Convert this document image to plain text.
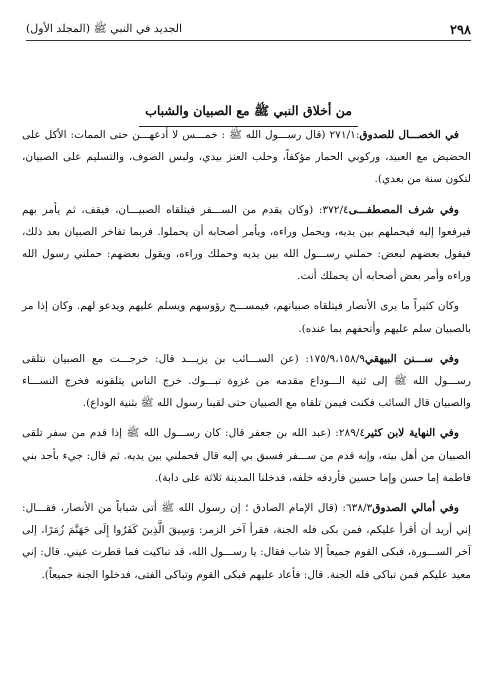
٢٩٨
الجديد في النبي ﷺ (المجلد الأول)
من أخلاق النبي ﷺ مع الصبيان والشباب

في الخصـــال للصدوق:٢٧١/١ (قال رســـول الله ﷺ : خمـــس لا أدعهـــن حتى الممات: الأكل على الحضيض مع العبيد، وركوبي الحمار مؤكفاً، وحلب العنز بيدي، ولبس الصوف، والتسليم على الصبيان، لتكون سنة من بعدي).

وفي شرف المصطفـــى٣٧٢/٤: (وكان يقدم من الســـفر فيتلقاه الصبيـــان، فيقف، ثم يأمر بهم فيرفعوا إليه فيحملهم بين يديه، ويحمل وراءه، ويأمر أصحابه أن يحملوا. فربما تفاخر الصبيان بعد ذلك، فيقول بعضهم لبعض: حملني رســـول الله بين يديه وحملك وراءه، ويقول بعضهم: حملني رسول الله وراءه وأمر بعض أصحابه أن يحملك أنت.

وكان كثيراً ما يرى الأنصار فيتلقاه صبيانهم، فيمســـح رؤوسهم ويسلم عليهم ويدعو لهم. وكان إذا مر بالصبيان سلم عليهم وأتحفهم بما عنده).

وفي ســـنن البيهقي١٧٥/٩،١٥٨/٩: (عن الســـائب بن يزيـــد قال: خرجـــت مع الصبيان نتلقى رســـول الله ﷺ إلى ثنية الـــوداع مقدمه من غزوة تبـــوك. خرج الناس يتلقونه فخرج النســـاء والصبيان قال السائب فكنت فيمن تلقاه مع الصبيان حتى لقينا رسول الله ﷺ بثنية الوداع).

وفي النهاية لابن كثير٢٨٩/٤: (عبد الله بن جعفر قال: كان رســـول الله ﷺ إذا قدم من سفر تلقى الصبيان من أهل بيته، وإنه قدم من ســـفر فسبق بي إليه قال فحملني بين يديه. ثم قال: جيء بأحد بني فاطمة إما حسن وإما حسين فأردفه خلفه، فدخلنا المدينة ثلاثة على دابة).

وفي أمالي الصدوق٦٣٨/٣: (قال الإمام الصادق ؛ إن رسول الله ﷺ أتى شباباً من الأنصار، فقـــال: إني أريد أن أقرأ عليكم، فمن بكى فله الجنة، فقرأ آخر الزمر: وَسِيقَ الَّذِينَ كَفَرُوا إِلَى جَهَنَّمَ زُمَرًا، إلى آخر الســـورة، فبكى القوم جميعاً إلا شاب فقال: يا رســـول الله، قد تباكيت فما قطرت عيني. قال: إني معيد عليكم فمن تباكى فله الجنة. قال: فأعاد عليهم فبكى القوم وتباكى الفتى، فدخلوا الجنة جميعاً).
